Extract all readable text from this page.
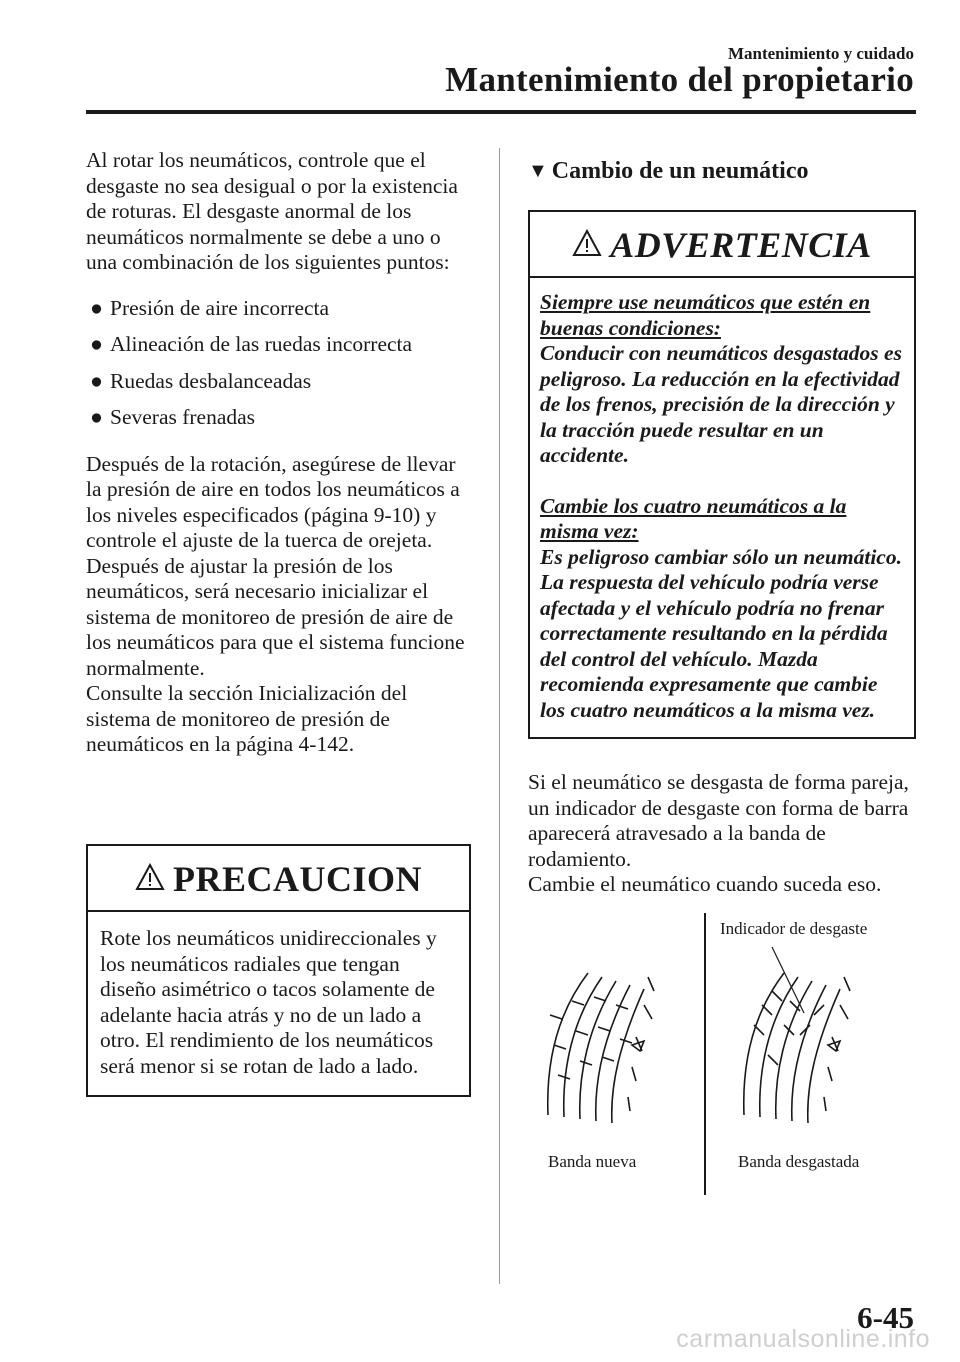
Mantenimiento y cuidado
Mantenimiento del propietario

Al rotar los neumáticos, controle que el desgaste no sea desigual o por la existencia de roturas. El desgaste anormal de los neumáticos normalmente se debe a uno o una combinación de los siguientes puntos:

● Presión de aire incorrecta
● Alineación de las ruedas incorrecta
● Ruedas desbalanceadas
● Severas frenadas

Después de la rotación, asegúrese de llevar la presión de aire en todos los neumáticos a los niveles especificados (página 9-10) y controle el ajuste de la tuerca de orejeta.

Después de ajustar la presión de los neumáticos, será necesario inicializar el sistema de monitoreo de presión de aire de los neumáticos para que el sistema funcione normalmente.

Consulte la sección Inicialización del sistema de monitoreo de presión de neumáticos en la página 4-142.

PRECAUCION
Rote los neumáticos unidireccionales y los neumáticos radiales que tengan diseño asimétrico o tacos solamente de adelante hacia atrás y no de un lado a otro. El rendimiento de los neumáticos será menor si se rotan de lado a lado.
▼ Cambio de un neumático
ADVERTENCIA
Siempre use neumáticos que estén en buenas condiciones:
Conducir con neumáticos desgastados es peligroso. La reducción en la efectividad de los frenos, precisión de la dirección y la tracción puede resultar en un accidente.
Cambie los cuatro neumáticos a la misma vez:
Es peligroso cambiar sólo un neumático. La respuesta del vehículo podría verse afectada y el vehículo podría no frenar correctamente resultando en la pérdida del control del vehículo. Mazda recomienda expresamente que cambie los cuatro neumáticos a la misma vez.

Si el neumático se desgasta de forma pareja, un indicador de desgaste con forma de barra aparecerá atravesado a la banda de rodamiento.

Cambie el neumático cuando suceda eso.

Indicador de desgaste
Banda nueva	Banda desgastada
6-45
carmanualsonline.info
